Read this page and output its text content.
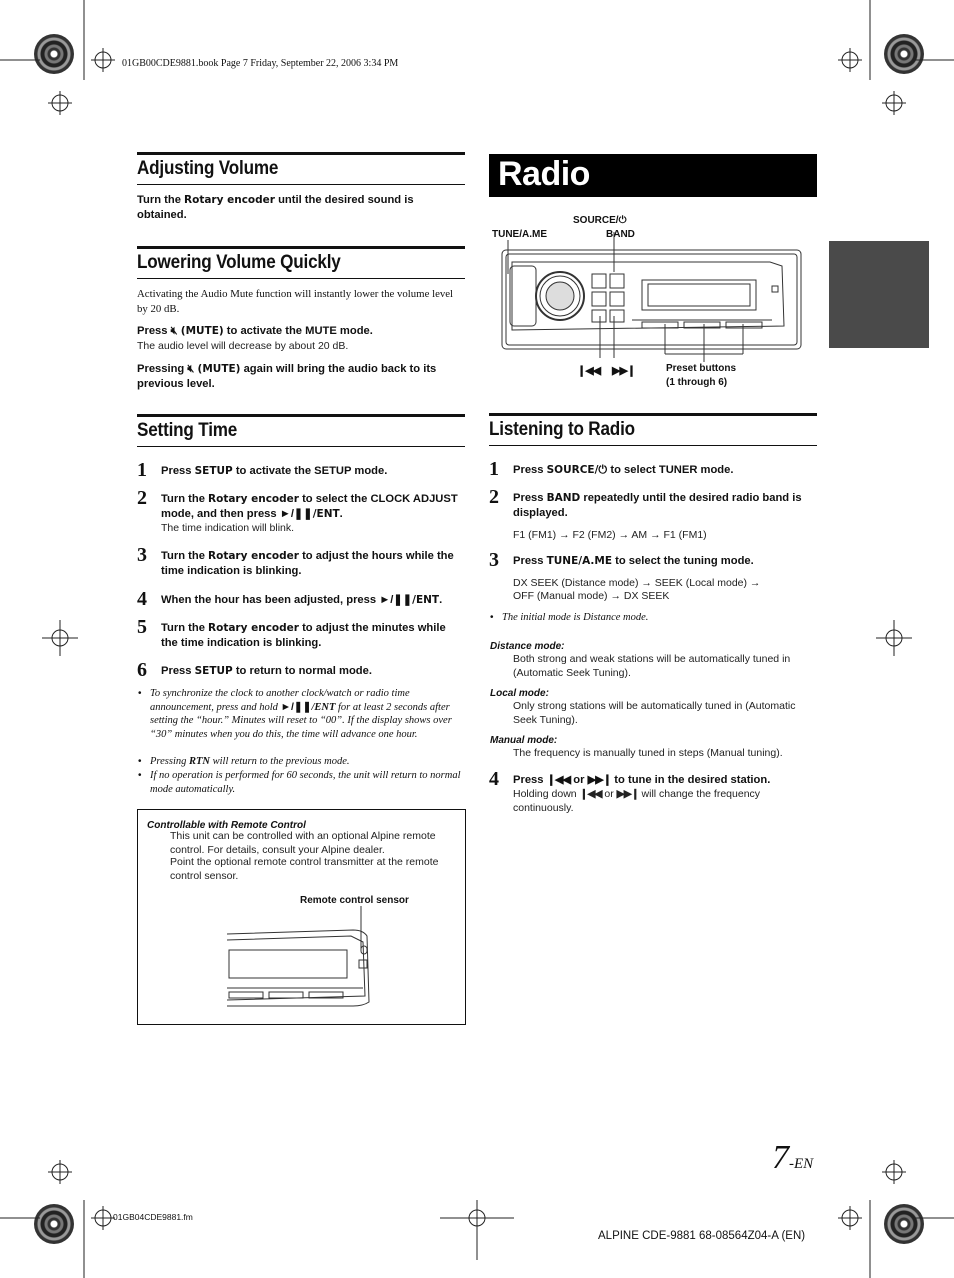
01GB00CDE9881.book Page 7 Friday, September 22, 2006 3:34 PM
Adjusting Volume
Turn the Rotary encoder until the desired sound is obtained.
Lowering Volume Quickly
Activating the Audio Mute function will instantly lower the volume level by 20 dB.
Press 🔇︎ (MUTE) to activate the MUTE mode.
The audio level will decrease by about 20 dB.
Pressing 🔇︎ (MUTE) again will bring the audio back to its previous level.
Setting Time
1 Press SETUP to activate the SETUP mode.
2 Turn the Rotary encoder to select the CLOCK ADJUST mode, and then press ►/❚❚/ENT.
The time indication will blink.
3 Turn the Rotary encoder to adjust the hours while the time indication is blinking.
4 When the hour has been adjusted, press ►/❚❚/ENT.
5 Turn the Rotary encoder to adjust the minutes while the time indication is blinking.
6 Press SETUP to return to normal mode.
• To synchronize the clock to another clock/watch or radio time announcement, press and hold ►/❚❚/ENT for at least 2 seconds after setting the “hour.” Minutes will reset to “00”. If the display shows over “30” minutes when you do this, the time will advance one hour.
• Pressing RTN will return to the previous mode.
• If no operation is performed for 60 seconds, the unit will return to normal mode automatically.
Controllable with Remote Control
This unit can be controlled with an optional Alpine remote control. For details, consult your Alpine dealer.
Point the optional remote control transmitter at the remote control sensor.
Remote control sensor
Radio
SOURCE/⏻
TUNE/A.ME	BAND
❙◀◀ ▶▶❙	Preset buttons
(1 through 6)
Listening to Radio
1 Press SOURCE/⏻ to select TUNER mode.
2 Press BAND repeatedly until the desired radio band is displayed.
F1 (FM1) → F2 (FM2) → AM → F1 (FM1)
3 Press TUNE/A.ME to select the tuning mode.
DX SEEK (Distance mode) → SEEK (Local mode) →
OFF (Manual mode) → DX SEEK
• The initial mode is Distance mode.
Distance mode:
Both strong and weak stations will be automatically tuned in (Automatic Seek Tuning).
Local mode:
Only strong stations will be automatically tuned in (Automatic Seek Tuning).
Manual mode:
The frequency is manually tuned in steps (Manual tuning).
4 Press ❙◀◀ or ▶▶❙ to tune in the desired station.
Holding down ❙◀◀ or ▶▶❙ will change the frequency continuously.
7-EN
01GB04CDE9881.fm
ALPINE CDE-9881 68-08564Z04-A (EN)
